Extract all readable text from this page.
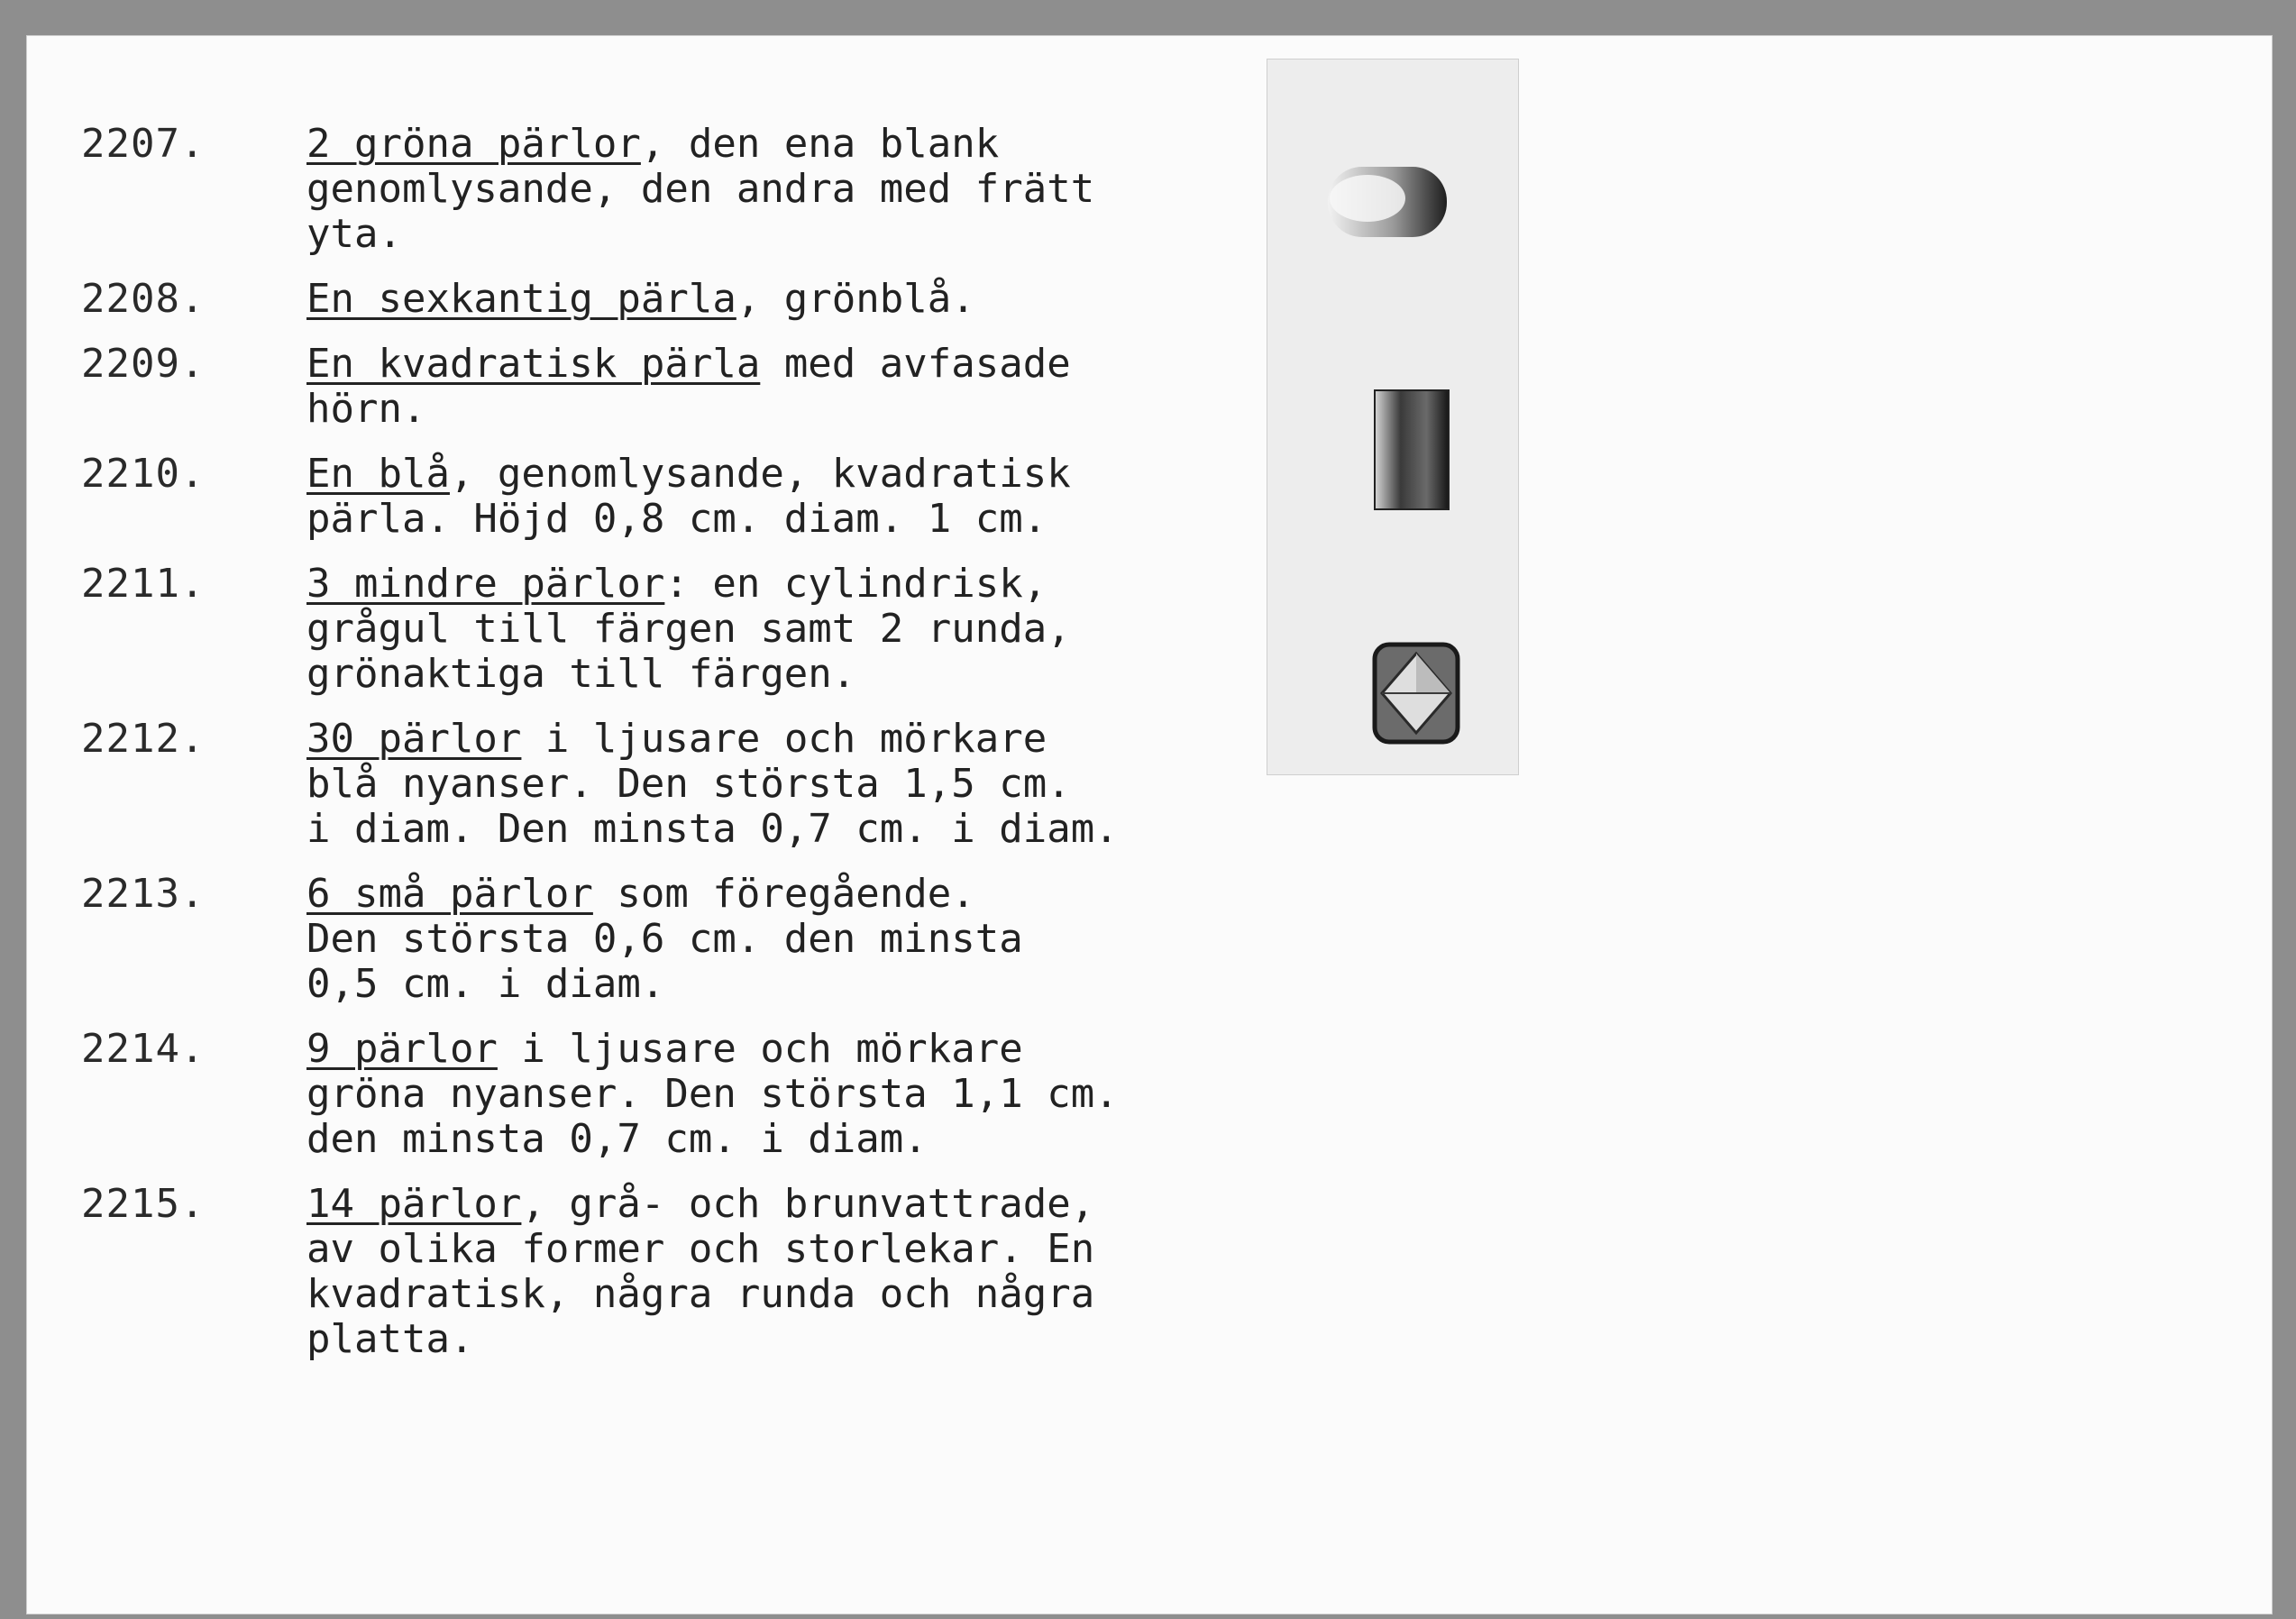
2207.	2 gröna pärlor, den ena blank
genomlysande, den andra med frätt
yta.
2208.	En sexkantig pärla, grönblå.
2209.	En kvadratisk pärla med avfasade
hörn.
2210.	En blå, genomlysande, kvadratisk
pärla. Höjd 0,8 cm. diam. 1 cm.
2211.	3 mindre pärlor: en cylindrisk,
grågul till färgen samt 2 runda,
grönaktiga till färgen.
2212.	30 pärlor i ljusare och mörkare
blå nyanser. Den största 1,5 cm.
i diam. Den minsta 0,7 cm. i diam.
2213.	6 små pärlor som föregående.
Den största 0,6 cm. den minsta
0,5 cm. i diam.
2214.	9 pärlor i ljusare och mörkare
gröna nyanser. Den största 1,1 cm.
den minsta 0,7 cm. i diam.
2215.	14 pärlor, grå- och brunvattrade,
av olika former och storlekar. En
kvadratisk, några runda och några
platta.
